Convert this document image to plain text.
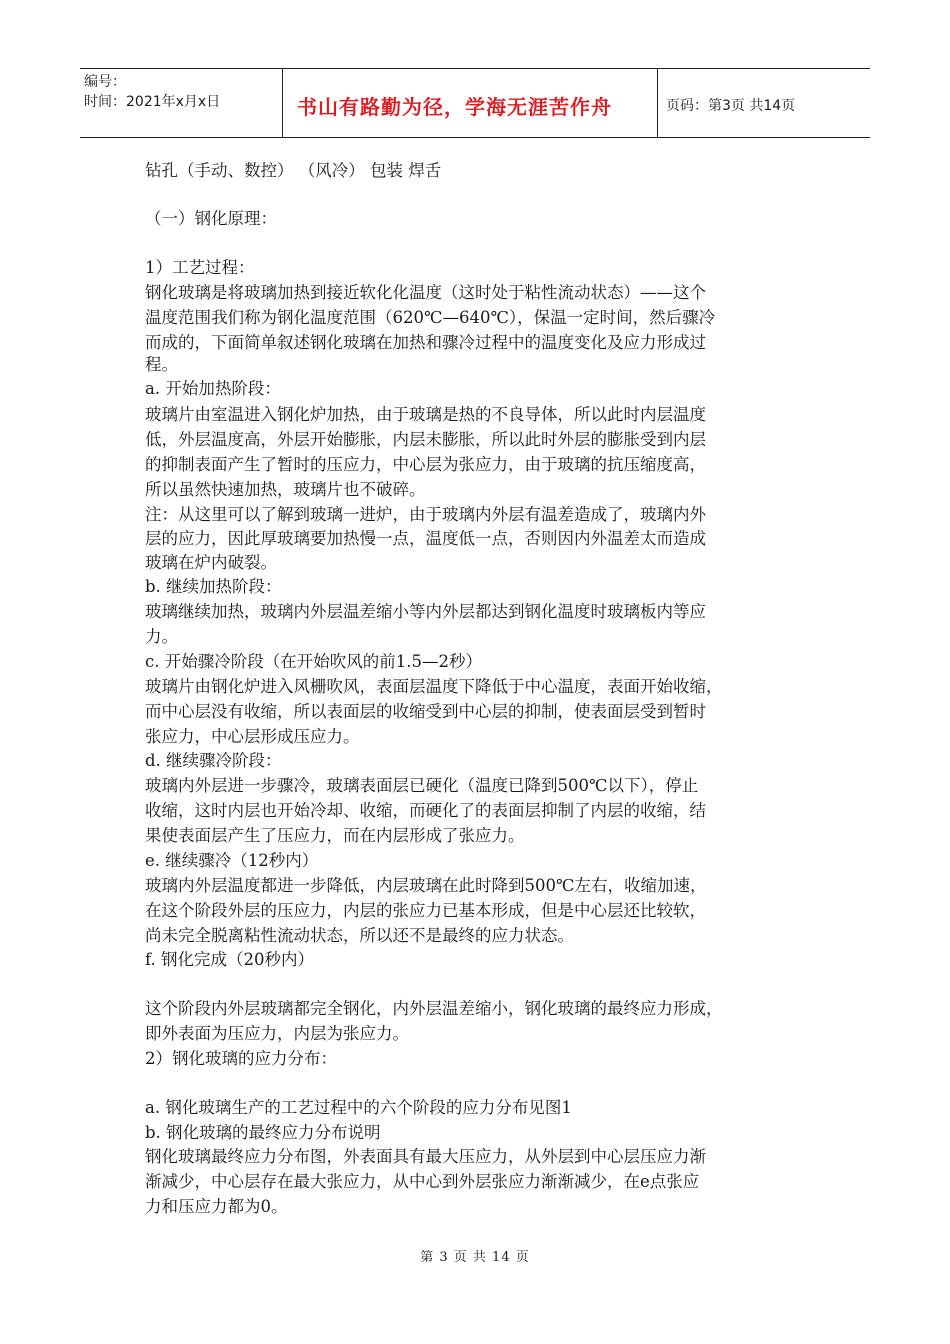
编号：
时间：2021年x月x日	书山有路勤为径，学海无涯苦作舟	页码：第3页 共14页
钻孔（手动、数控） （风冷） 包装 焊舌
（一）钢化原理：
1）工艺过程：
钢化玻璃是将玻璃加热到接近软化化温度（这时处于粘性流动状态）——这个
温度范围我们称为钢化温度范围（620℃—640℃），保温一定时间，然后骤冷
而成的，下面简单叙述钢化玻璃在加热和骤冷过程中的温度变化及应力形成过
程。
a. 开始加热阶段：
玻璃片由室温进入钢化炉加热，由于玻璃是热的不良导体，所以此时内层温度
低，外层温度高，外层开始膨胀，内层未膨胀，所以此时外层的膨胀受到内层
的抑制表面产生了暂时的压应力，中心层为张应力，由于玻璃的抗压缩度高，
所以虽然快速加热，玻璃片也不破碎。
注：从这里可以了解到玻璃一进炉，由于玻璃内外层有温差造成了，玻璃内外
层的应力，因此厚玻璃要加热慢一点，温度低一点，否则因内外温差太而造成
玻璃在炉内破裂。
b. 继续加热阶段：
玻璃继续加热，玻璃内外层温差缩小等内外层都达到钢化温度时玻璃板内等应
力。
c. 开始骤冷阶段（在开始吹风的前1.5—2秒）
玻璃片由钢化炉进入风栅吹风，表面层温度下降低于中心温度，表面开始收缩，
而中心层没有收缩，所以表面层的收缩受到中心层的抑制，使表面层受到暂时
张应力，中心层形成压应力。
d. 继续骤冷阶段：
玻璃内外层进一步骤冷，玻璃表面层已硬化（温度已降到500℃以下），停止
收缩，这时内层也开始冷却、收缩，而硬化了的表面层抑制了内层的收缩，结
果使表面层产生了压应力，而在内层形成了张应力。
e. 继续骤冷（12秒内）
玻璃内外层温度都进一步降低，内层玻璃在此时降到500℃左右，收缩加速，
在这个阶段外层的压应力，内层的张应力已基本形成，但是中心层还比较软，
尚未完全脱离粘性流动状态，所以还不是最终的应力状态。
f. 钢化完成（20秒内）
这个阶段内外层玻璃都完全钢化，内外层温差缩小，钢化玻璃的最终应力形成，
即外表面为压应力，内层为张应力。
2）钢化玻璃的应力分布：
a. 钢化玻璃生产的工艺过程中的六个阶段的应力分布见图1
b. 钢化玻璃的最终应力分布说明
钢化玻璃最终应力分布图，外表面具有最大压应力，从外层到中心层压应力渐
渐减少，中心层存在最大张应力，从中心到外层张应力渐渐减少，在e点张应
力和压应力都为0。
第 3 页 共 14 页
